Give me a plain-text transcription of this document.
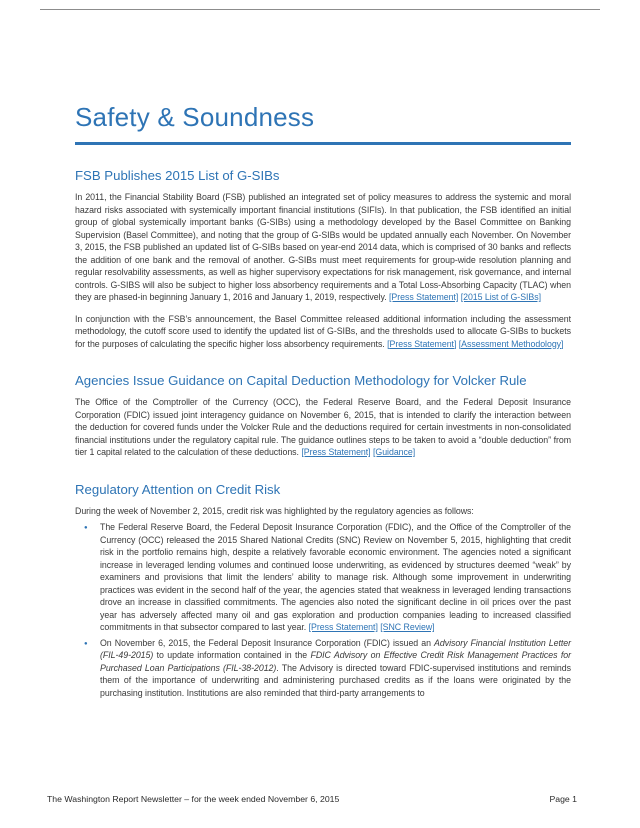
Safety & Soundness
FSB Publishes 2015 List of G-SIBs

In 2011, the Financial Stability Board (FSB) published an integrated set of policy measures to address the systemic and moral hazard risks associated with systemically important financial institutions (SIFIs). In that publication, the FSB identified an initial group of global systemically important banks (G-SIBs) using a methodology developed by the Basel Committee on Banking Supervision (Basel Committee), and noting that the group of G-SIBs would be updated annually each November. On November 3, 2015, the FSB published an updated list of G-SIBs based on year-end 2014 data, which is comprised of 30 banks and reflects the addition of one bank and the removal of another. G-SIBs must meet requirements for group-wide resolution planning and regular resolvability assessments, as well as higher supervisory expectations for risk management, risk governance, and internal controls. G-SIBS will also be subject to higher loss absorbency requirements and a Total Loss-Absorbing Capacity (TLAC) when they are phased-in beginning January 1, 2016 and January 1, 2019, respectively. [Press Statement] [2015 List of G-SIBs]

In conjunction with the FSB’s announcement, the Basel Committee released additional information including the assessment methodology, the cutoff score used to identify the updated list of G-SIBs, and the thresholds used to allocate G-SIBs to buckets for the purposes of calculating the specific higher loss absorbency requirements. [Press Statement] [Assessment Methodology]

Agencies Issue Guidance on Capital Deduction Methodology for Volcker Rule

The Office of the Comptroller of the Currency (OCC), the Federal Reserve Board, and the Federal Deposit Insurance Corporation (FDIC) issued joint interagency guidance on November 6, 2015, that is intended to clarify the interaction between the deduction for covered funds under the Volcker Rule and the deductions required for certain investments in non-consolidated financial institutions under the regulatory capital rule. The guidance outlines steps to be taken to avoid a “double deduction” from tier 1 capital related to the calculation of these deductions. [Press Statement] [Guidance]

Regulatory Attention on Credit Risk

During the week of November 2, 2015, credit risk was highlighted by the regulatory agencies as follows:

● The Federal Reserve Board, the Federal Deposit Insurance Corporation (FDIC), and the Office of the Comptroller of the Currency (OCC) released the 2015 Shared National Credits (SNC) Review on November 5, 2015, highlighting that credit risk in the portfolio remains high, despite a relatively favorable economic environment. The agencies noted a significant increase in leveraged lending volumes and continued loose underwriting, as evidenced by structures deemed “weak” by examiners and provisions that limit the lenders’ ability to manage risk. Although some improvement in underwriting practices was evident in the second half of the year, the agencies stated that weakness in leveraged lending transactions drove an increase in classified commitments. The agencies also noted the significant decline in oil prices over the past year has adversely affected many oil and gas exploration and production companies leading to increased classified commitments in that subsector compared to last year. [Press Statement] [SNC Review]
● On November 6, 2015, the Federal Deposit Insurance Corporation (FDIC) issued an Advisory Financial Institution Letter (FIL-49-2015) to update information contained in the FDIC Advisory on Effective Credit Risk Management Practices for Purchased Loan Participations (FIL-38-2012). The Advisory is directed toward FDIC-supervised institutions and reminds them of the importance of underwriting and administering purchased credits as if the loans were originated by the purchasing institution. Institutions are also reminded that third-party arrangements to
The Washington Report Newsletter – for the week ended November 6, 2015	Page 1
